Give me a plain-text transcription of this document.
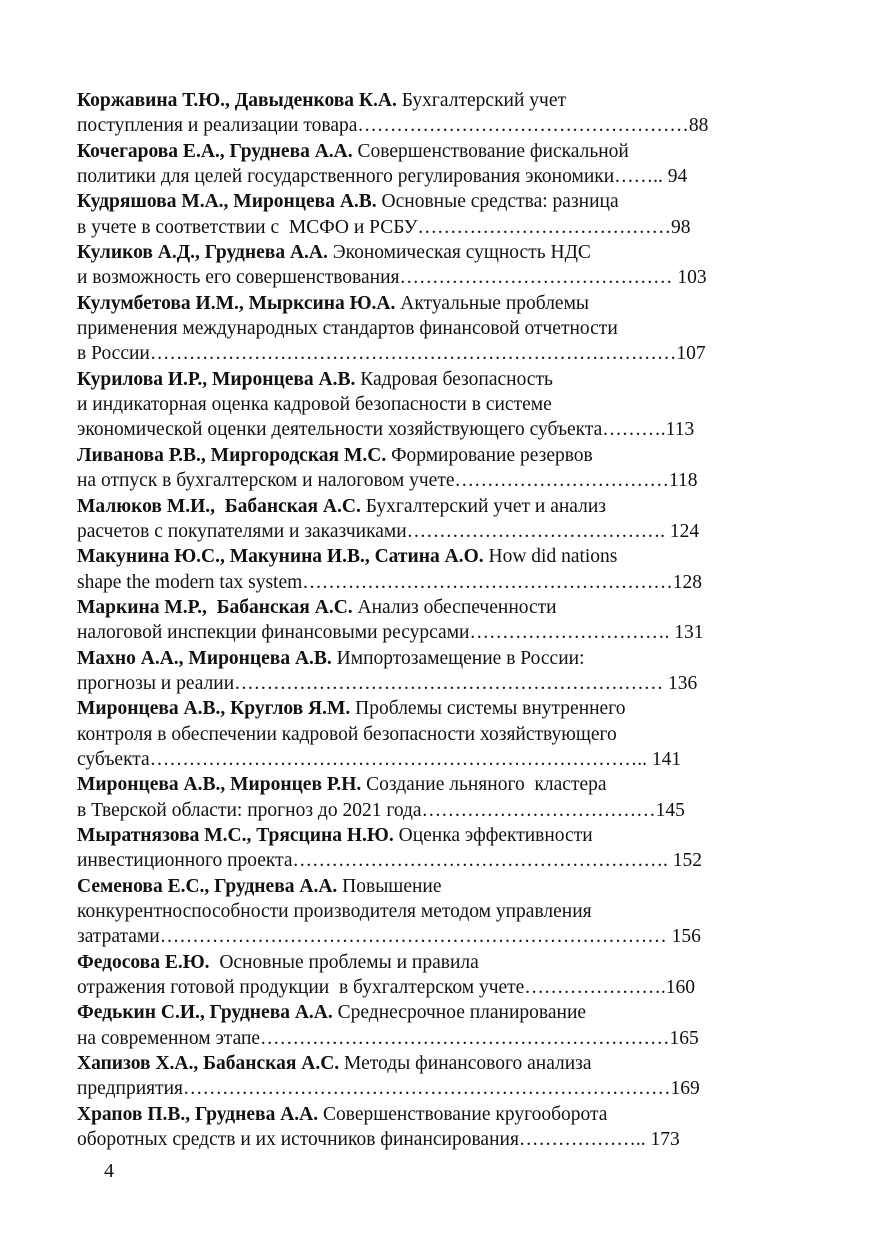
Коржавина Т.Ю., Давыденкова К.А. Бухгалтерский учет
поступления и реализации товара……………………………………………88
Кочегарова Е.А., Груднева А.А. Совершенствование фискальной
политики для целей государственного регулирования экономики…….. 94
Кудряшова М.А., Миронцева А.В. Основные средства: разница
в учете в соответствии с  МСФО и РСБУ…………………………………98
Куликов А.Д., Груднева А.А. Экономическая сущность НДС
и возможность его совершенствования…………………………………… 103
Кулумбетова И.М., Мырксина Ю.А. Актуальные проблемы
применения международных стандартов финансовой отчетности
в России………………………………………………………………………107
Курилова И.Р., Миронцева А.В. Кадровая безопасность
и индикаторная оценка кадровой безопасности в системе
экономической оценки деятельности хозяйствующего субъекта……….113
Ливанова Р.В., Миргородская М.С. Формирование резервов
на отпуск в бухгалтерском и налоговом учете……………………………118
Малюков М.И.,  Бабанская А.С. Бухгалтерский учет и анализ
расчетов с покупателями и заказчиками…………………………………. 124
Макунина Ю.С., Макунина И.В., Сатина А.О. How did nations
shape the modern tax system…………………………………………………128
Маркина М.Р.,  Бабанская А.С. Анализ обеспеченности
налоговой инспекции финансовыми ресурсами…………………………. 131
Махно А.А., Миронцева А.В. Импортозамещение в России:
прогнозы и реалии………………………………………………………… 136
Миронцева А.В., Круглов Я.М. Проблемы системы внутреннего
контроля в обеспечении кадровой безопасности хозяйствующего
субъекта………………………………………………………………….. 141
Миронцева А.В., Миронцев Р.Н. Создание льняного  кластера
в Тверской области: прогноз до 2021 года………………………………145
Мыратнязова М.С., Трясцина Н.Ю. Оценка эффективности
инвестиционного проекта…………………………………………………. 152
Семенова Е.С., Груднева А.А. Повышение
конкурентноспособности производителя методом управления
затратами…………………………………………………………………… 156
Федосова Е.Ю.  Основные проблемы и правила
отражения готовой продукции  в бухгалтерском учете………………….160
Федькин С.И., Груднева А.А. Среднесрочное планирование
на современном этапе………………………………………………………165
Хапизов Х.А., Бабанская А.С. Методы финансового анализа
предприятия…………………………………………………………………169
Храпов П.В., Груднева А.А. Совершенствование кругооборота
оборотных средств и их источников финансирования……………….. 173
4
